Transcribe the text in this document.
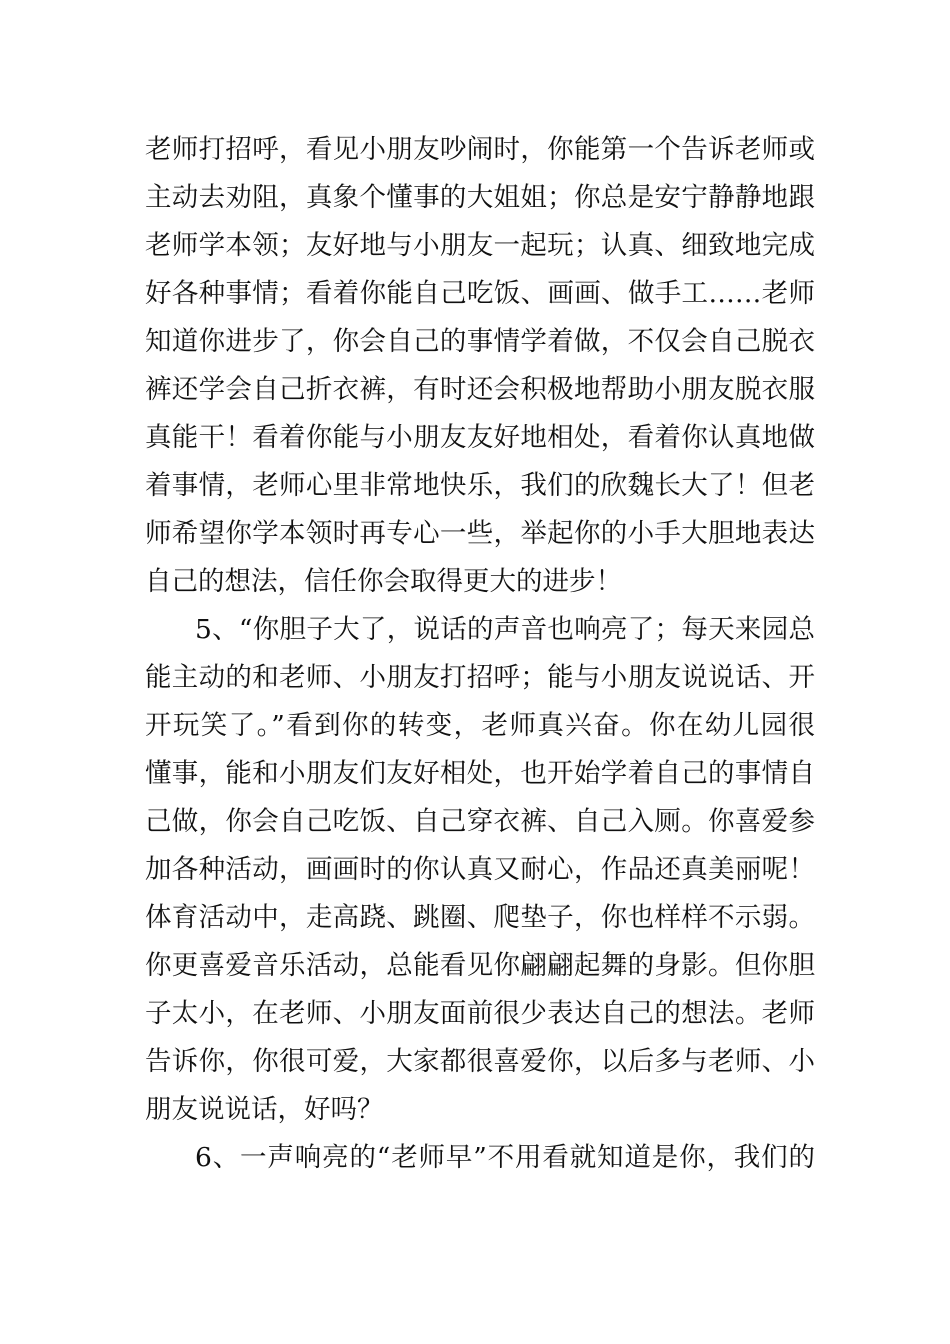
老师打招呼，看见小朋友吵闹时，你能第一个告诉老师或
主动去劝阻，真象个懂事的大姐姐；你总是安宁静静地跟
老师学本领；友好地与小朋友一起玩；认真、细致地完成
好各种事情；看着你能自己吃饭、画画、做手工……老师
知道你进步了，你会自己的事情学着做，不仅会自己脱衣
裤还学会自己折衣裤，有时还会积极地帮助小朋友脱衣服
真能干！看着你能与小朋友友好地相处，看着你认真地做
着事情，老师心里非常地快乐，我们的欣魏长大了！但老
师希望你学本领时再专心一些，举起你的小手大胆地表达
自己的想法，信任你会取得更大的进步！
5、“你胆子大了，说话的声音也响亮了；每天来园总
能主动的和老师、小朋友打招呼；能与小朋友说说话、开
开玩笑了。”看到你的转变，老师真兴奋。你在幼儿园很
懂事，能和小朋友们友好相处，也开始学着自己的事情自
己做，你会自己吃饭、自己穿衣裤、自己入厕。你喜爱参
加各种活动，画画时的你认真又耐心，作品还真美丽呢！
体育活动中，走高跷、跳圈、爬垫子，你也样样不示弱。
你更喜爱音乐活动，总能看见你翩翩起舞的身影。但你胆
子太小，在老师、小朋友面前很少表达自己的想法。老师
告诉你，你很可爱，大家都很喜爱你，以后多与老师、小
朋友说说话，好吗？
6、一声响亮的“老师早”不用看就知道是你，我们的
